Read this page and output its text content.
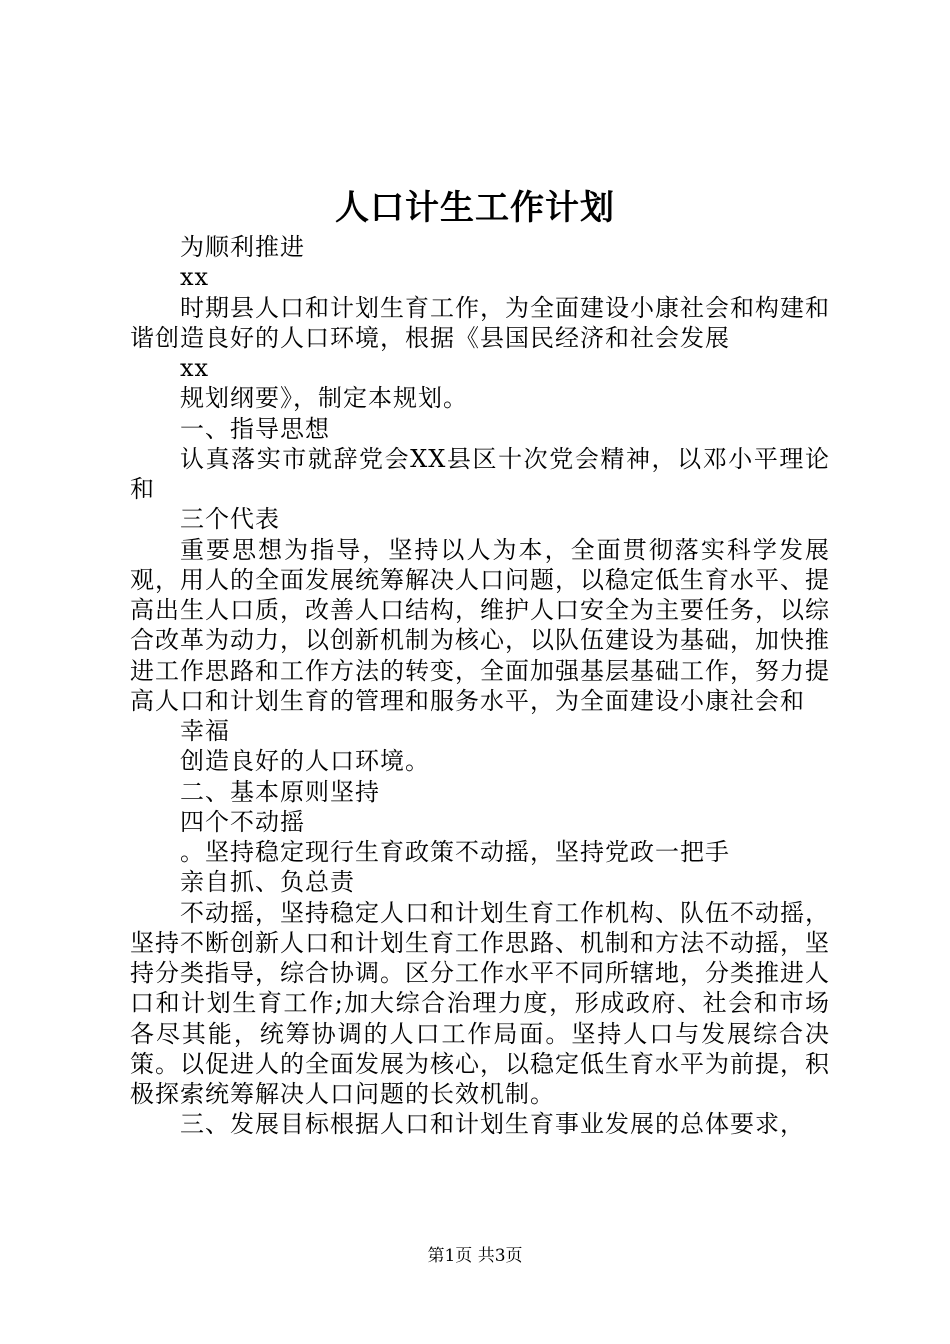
人口计生工作计划

为顺利推进

xx

时期县人口和计划生育工作，为全面建设小康社会和构建和谐创造良好的人口环境，根据《县国民经济和社会发展

xx

规划纲要》，制定本规划。

一、指导思想

认真落实市就辞党会XX县区十次党会精神，以邓小平理论和

三个代表

重要思想为指导，坚持以人为本，全面贯彻落实科学发展观，用人的全面发展统筹解决人口问题，以稳定低生育水平、提高出生人口质，改善人口结构，维护人口安全为主要任务，以综合改革为动力，以创新机制为核心，以队伍建设为基础，加快推进工作思路和工作方法的转变，全面加强基层基础工作，努力提高人口和计划生育的管理和服务水平，为全面建设小康社会和

幸福

创造良好的人口环境。

二、基本原则坚持

四个不动摇

。坚持稳定现行生育政策不动摇，坚持党政一把手

亲自抓、负总责

不动摇，坚持稳定人口和计划生育工作机构、队伍不动摇，坚持不断创新人口和计划生育工作思路、机制和方法不动摇，坚持分类指导，综合协调。区分工作水平不同所辖地，分类推进人口和计划生育工作;加大综合治理力度，形成政府、社会和市场各尽其能，统筹协调的人口工作局面。坚持人口与发展综合决策。以促进人的全面发展为核心，以稳定低生育水平为前提，积极探索统筹解决人口问题的长效机制。

三、发展目标根据人口和计划生育事业发展的总体要求，

第1页 共3页
